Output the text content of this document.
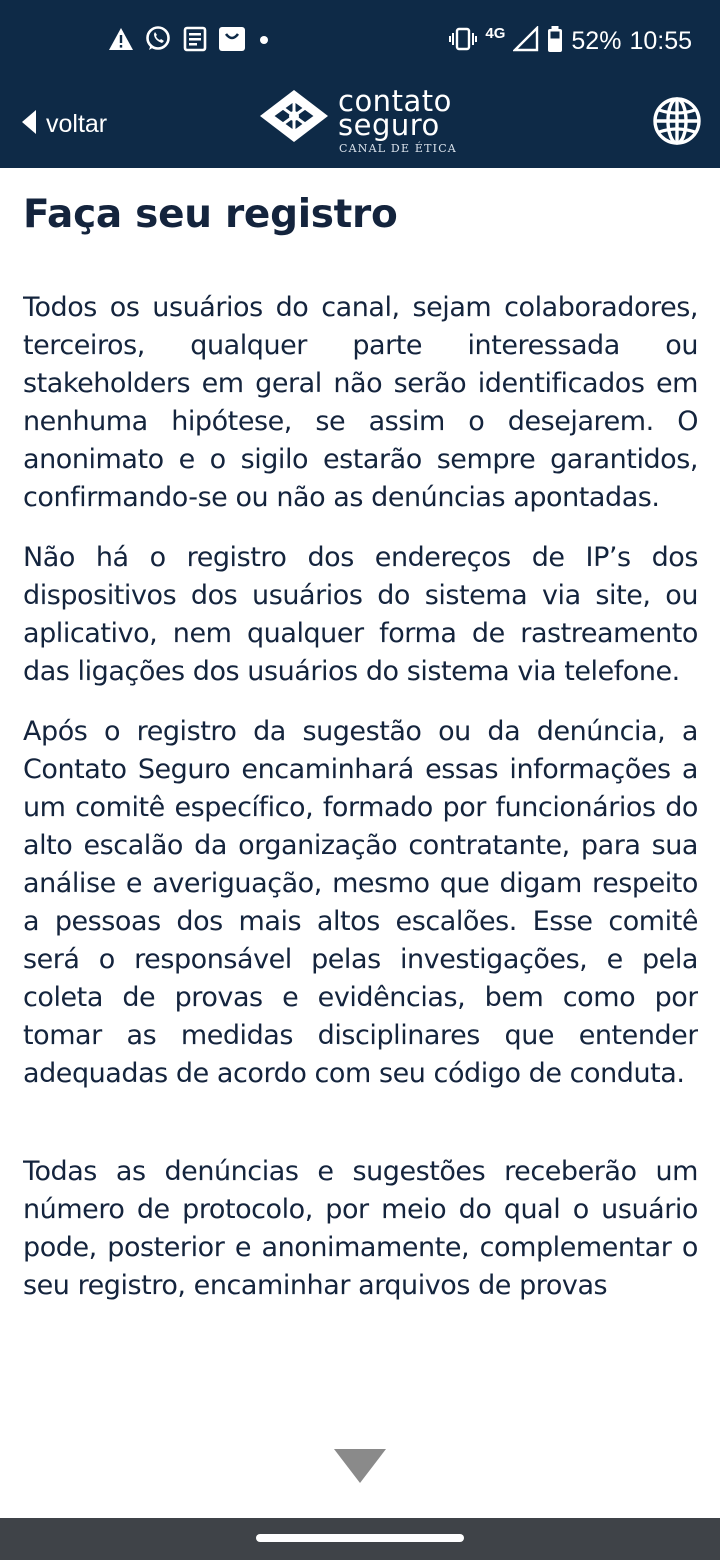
4G	52% 10:55
voltar
contato
seguro
CANAL DE ÉTICA
Faça seu registro

Todos os usuários do canal, sejam colaboradores, terceiros, qualquer parte interessada ou stakeholders em geral não serão identificados em nenhuma hipótese, se assim o desejarem. O anonimato e o sigilo estarão sempre garantidos, confirmando-se ou não as denúncias apontadas.

Não há o registro dos endereços de IP’s dos dispositivos dos usuários do sistema via site, ou aplicativo, nem qualquer forma de rastreamento das ligações dos usuários do sistema via telefone.

Após o registro da sugestão ou da denúncia, a Contato Seguro encaminhará essas informações a um comitê específico, formado por funcionários do alto escalão da organização contratante, para sua análise e averiguação, mesmo que digam respeito a pessoas dos mais altos escalões. Esse comitê será o responsável pelas investigações, e pela coleta de provas e evidências, bem como por tomar as medidas disciplinares que entender adequadas de acordo com seu código de conduta.

Todas as denúncias e sugestões receberão um número de protocolo, por meio do qual o usuário pode, posterior e anonimamente, complementar o seu registro, encaminhar arquivos de provas
